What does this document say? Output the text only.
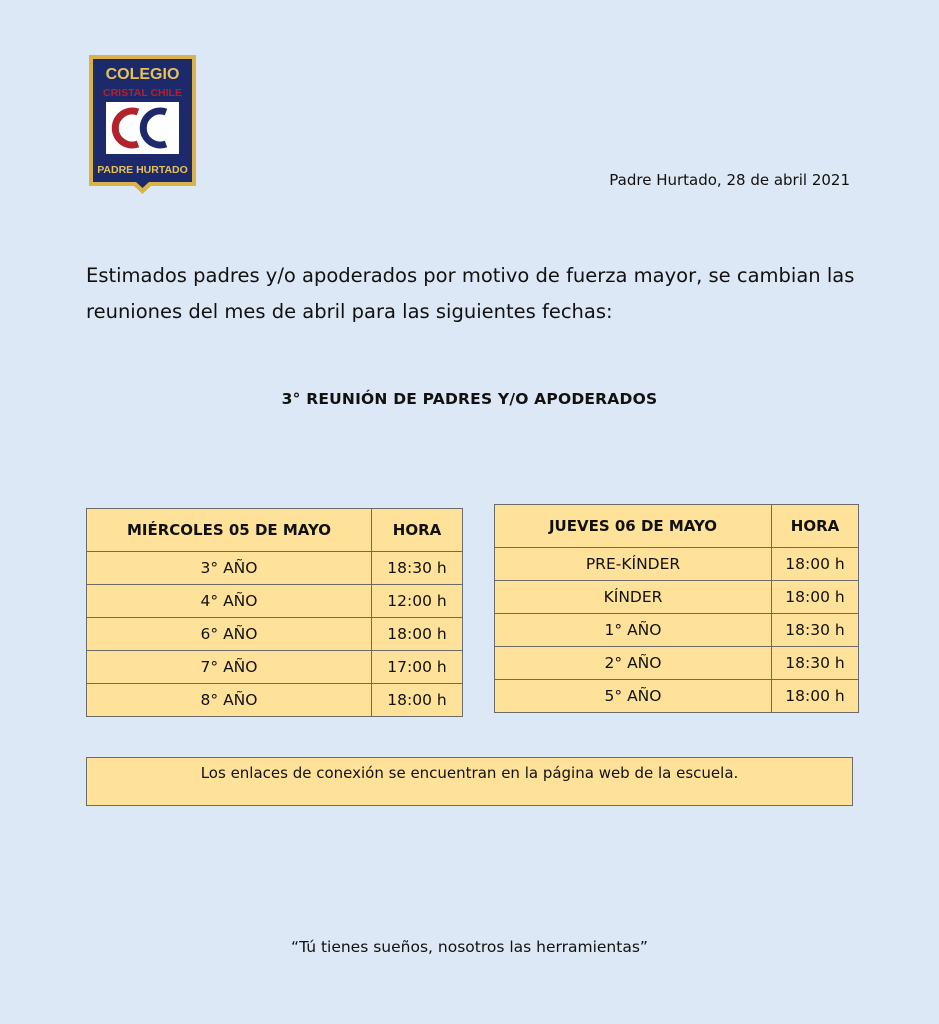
COLEGIO
CRISTAL CHILE
PADRE HURTADO
Padre Hurtado, 28 de abril 2021
Estimados padres y/o apoderados por motivo de fuerza mayor, se cambian las reuniones del mes de abril para las siguientes fechas:
3° REUNIÓN DE PADRES Y/O APODERADOS
MIÉRCOLES 05 DE MAYO	HORA
3° AÑO	18:30 h
4° AÑO	12:00 h
6° AÑO	18:00 h
7° AÑO	17:00 h
8° AÑO	18:00 h
JUEVES 06 DE MAYO	HORA
PRE-KÍNDER	18:00 h
KÍNDER	18:00 h
1° AÑO	18:30 h
2° AÑO	18:30 h
5° AÑO	18:00 h
Los enlaces de conexión se encuentran en la página web de la escuela.
“Tú tienes sueños, nosotros las herramientas”
